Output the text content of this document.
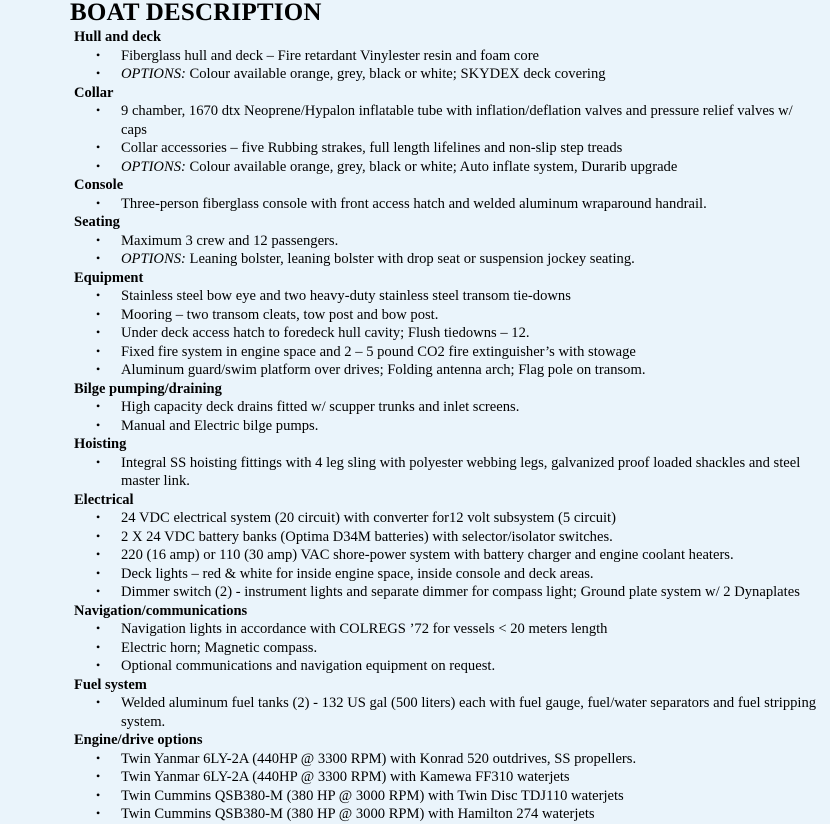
BOAT DESCRIPTION
Hull and deck
• Fiberglass hull and deck – Fire retardant Vinylester resin and foam core
• OPTIONS: Colour available orange, grey, black or white; SKYDEX deck covering
Collar
• 9 chamber, 1670 dtx Neoprene/Hypalon inflatable tube with inflation/deflation valves and pressure relief valves w/ caps
• Collar accessories – five Rubbing strakes, full length lifelines and non-slip step treads
• OPTIONS: Colour available orange, grey, black or white; Auto inflate system, Durarib upgrade
Console
• Three-person fiberglass console with front access hatch and welded aluminum wraparound handrail.
Seating
• Maximum 3 crew and 12 passengers.
• OPTIONS: Leaning bolster, leaning bolster with drop seat or suspension jockey seating.
Equipment
• Stainless steel bow eye and two heavy-duty stainless steel transom tie-downs
• Mooring – two transom cleats, tow post and bow post.
• Under deck access hatch to foredeck hull cavity; Flush tiedowns – 12.
• Fixed fire system in engine space and 2 – 5 pound CO2 fire extinguisher’s with stowage
• Aluminum guard/swim platform over drives; Folding antenna arch; Flag pole on transom.
Bilge pumping/draining
• High capacity deck drains fitted w/ scupper trunks and inlet screens.
• Manual and Electric bilge pumps.
Hoisting
• Integral SS hoisting fittings with 4 leg sling with polyester webbing legs, galvanized proof loaded shackles and steel master link.
Electrical
• 24 VDC electrical system (20 circuit) with converter for12 volt subsystem (5 circuit)
• 2 X 24 VDC battery banks (Optima D34M batteries) with selector/isolator switches.
• 220 (16 amp) or 110 (30 amp) VAC shore-power system with battery charger and engine coolant heaters.
• Deck lights – red & white for inside engine space, inside console and deck areas.
• Dimmer switch (2) - instrument lights and separate dimmer for compass light; Ground plate system w/ 2 Dynaplates
Navigation/communications
• Navigation lights in accordance with COLREGS ’72 for vessels < 20 meters length
• Electric horn; Magnetic compass.
• Optional communications and navigation equipment on request.
Fuel system
• Welded aluminum fuel tanks (2) - 132 US gal (500 liters) each with fuel gauge, fuel/water separators and fuel stripping system.
Engine/drive options
• Twin Yanmar 6LY-2A (440HP @ 3300 RPM) with Konrad 520 outdrives, SS propellers.
• Twin Yanmar 6LY-2A (440HP @ 3300 RPM) with Kamewa FF310 waterjets
• Twin Cummins QSB380-M (380 HP @ 3000 RPM) with Twin Disc TDJ110 waterjets
• Twin Cummins QSB380-M (380 HP @ 3000 RPM) with Hamilton 274 waterjets
